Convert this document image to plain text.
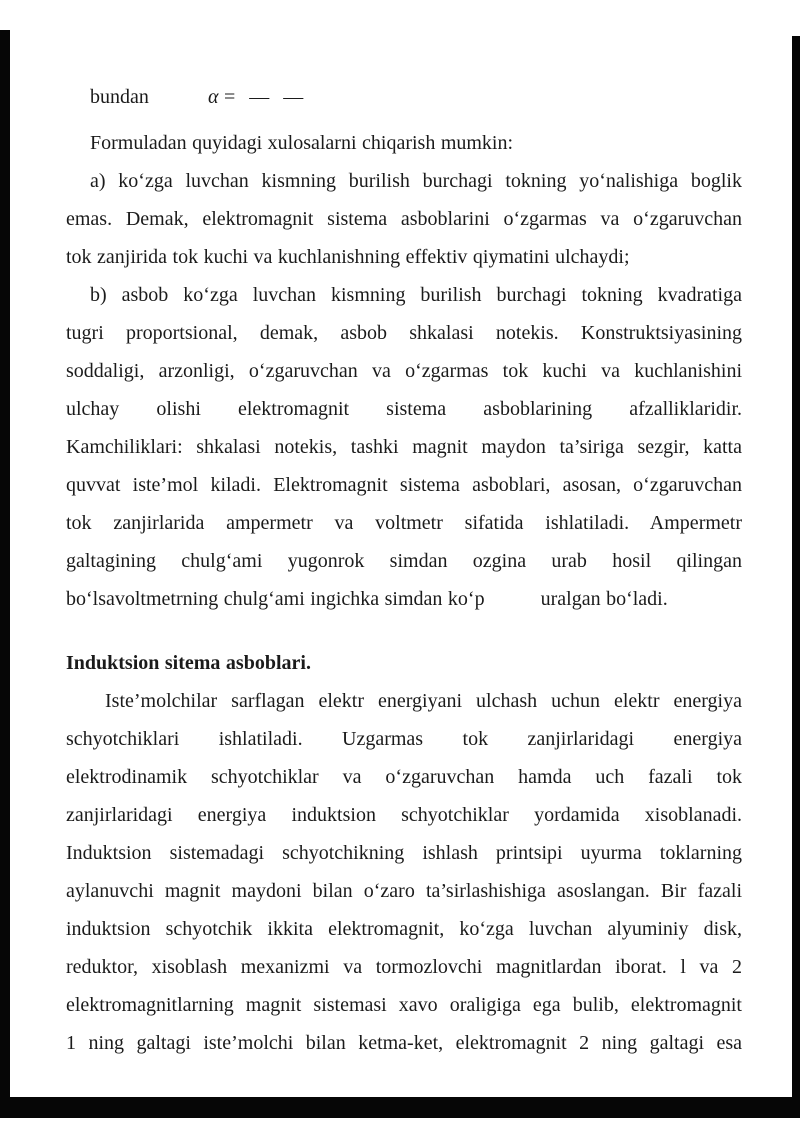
bundan	α = — —
Formuladan quyidagi xulosalarni chiqarish mumkin:
a) koʻzga luvchan kismning burilish burchagi tokning yoʻnalishiga boglik
emas. Demak, elektromagnit sistema asboblarini oʻzgarmas va oʻzgaruvchan
tok zanjirida tok kuchi va kuchlanishning effektiv qiymatini ulchaydi;
b) asbob koʻzga luvchan kismning burilish burchagi tokning kvadratiga
tugri proportsional, demak, asbob shkalasi notekis. Konstruktsiyasining
soddaligi, arzonligi, oʻzgaruvchan va oʻzgarmas tok kuchi va kuchlanishini
ulchay olishi elektromagnit sistema asboblarining afzalliklaridir.
Kamchiliklari: shkalasi notekis, tashki magnit maydon ta’siriga sezgir, katta
quvvat iste’mol kiladi. Elektromagnit sistema asboblari, asosan, oʻzgaruvchan
tok zanjirlarida ampermetr va voltmetr sifatida ishlatiladi. Ampermetr
galtagining chulgʻami yugonrok simdan ozgina urab hosil qilingan
boʻlsavoltmetrning chulgʻami ingichka simdan koʻp	uralgan boʻladi.
Induktsion sitema asboblari.
Iste’molchilar sarflagan elektr energiyani ulchash uchun elektr energiya
schyotchiklari ishlatiladi. Uzgarmas tok zanjirlaridagi energiya
elektrodinamik schyotchiklar va oʻzgaruvchan hamda uch fazali tok
zanjirlaridagi energiya induktsion schyotchiklar yordamida xisoblanadi.
Induktsion sistemadagi schyotchikning ishlash printsipi uyurma toklarning
aylanuvchi magnit maydoni bilan oʻzaro ta’sirlashishiga asoslangan. Bir fazali
induktsion schyotchik ikkita elektromagnit, koʻzga luvchan alyuminiy disk,
reduktor, xisoblash mexanizmi va tormozlovchi magnitlardan iborat. l va 2
elektromagnitlarning magnit sistemasi xavo oraligiga ega bulib, elektromagnit
1 ning galtagi iste’molchi bilan ketma-ket, elektromagnit 2 ning galtagi esa
